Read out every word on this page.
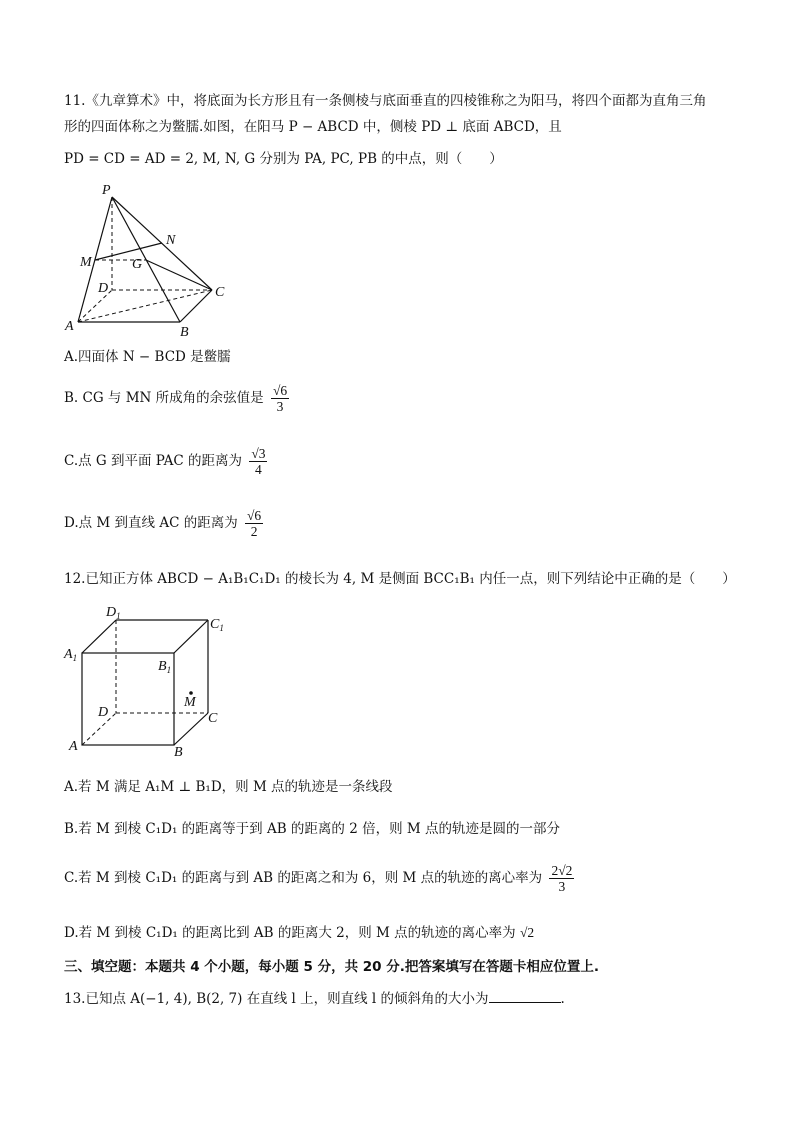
11.《九章算术》中，将底面为长方形且有一条侧棱与底面垂直的四棱锥称之为阳马，将四个面都为直角三角
形的四面体称之为鳖臑.如图，在阳马 P − ABCD 中，侧棱 PD ⊥ 底面 ABCD，且
PD = CD = AD = 2, M, N, G 分别为 PA, PC, PB 的中点，则（　　）
P
N
M	G
D	C
A	B
A.四面体 N − BCD 是鳖臑
B. CG 与 MN 所成角的余弦值是 $\frac{√6}{3}$
C.点 G 到平面 PAC 的距离为 $\frac{√3}{4}$
D.点 M 到直线 AC 的距离为 $\frac{√6}{2}$
12.已知正方体 ABCD − A₁B₁C₁D₁ 的棱长为 4, M 是侧面 BCC₁B₁ 内任一点，则下列结论中正确的是（　　）
$D_1$
$C_1$
$A_1$
$B_1$
M
D	C
A	B
A.若 M 满足 A₁M ⊥ B₁D，则 M 点的轨迹是一条线段
B.若 M 到棱 C₁D₁ 的距离等于到 AB 的距离的 2 倍，则 M 点的轨迹是圆的一部分
C.若 M 到棱 C₁D₁ 的距离与到 AB 的距离之和为 6，则 M 点的轨迹的离心率为 $\frac{2√2}{3}$
D.若 M 到棱 C₁D₁ 的距离比到 AB 的距离大 2，则 M 点的轨迹的离心率为 √2
三、填空题：本题共 4 个小题，每小题 5 分，共 20 分.把答案填写在答题卡相应位置上.
13.已知点 A(−1, 4), B(2, 7) 在直线 l 上，则直线 l 的倾斜角的大小为	.
